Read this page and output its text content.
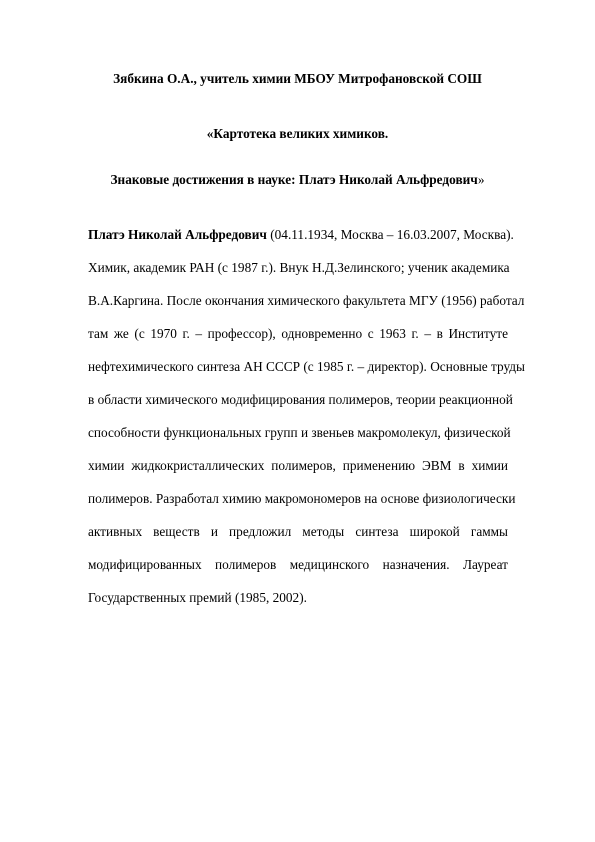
Зябкина О.А., учитель химии МБОУ Митрофановской СОШ
«Картотека великих химиков.
Знаковые достижения в науке: Платэ Николай Альфредович»
Платэ Николай Альфредович (04.11.1934, Москва – 16.03.2007, Москва).
Химик, академик РАН (с 1987 г.). Внук Н.Д.Зелинского; ученик академика
В.А.Каргина. После окончания химического факультета МГУ (1956) работал
там же (с 1970 г. – профессор), одновременно с 1963 г. – в Институте
нефтехимического синтеза АН СССР (с 1985 г. – директор). Основные труды
в области химического модифицирования полимеров, теории реакционной
способности функциональных групп и звеньев макромолекул, физической
химии жидкокристаллических полимеров, применению ЭВМ в химии
полимеров. Разработал химию макромономеров на основе физиологически
активных веществ и предложил методы синтеза широкой гаммы
модифицированных полимеров медицинского назначения. Лауреат
Государственных премий (1985, 2002).
